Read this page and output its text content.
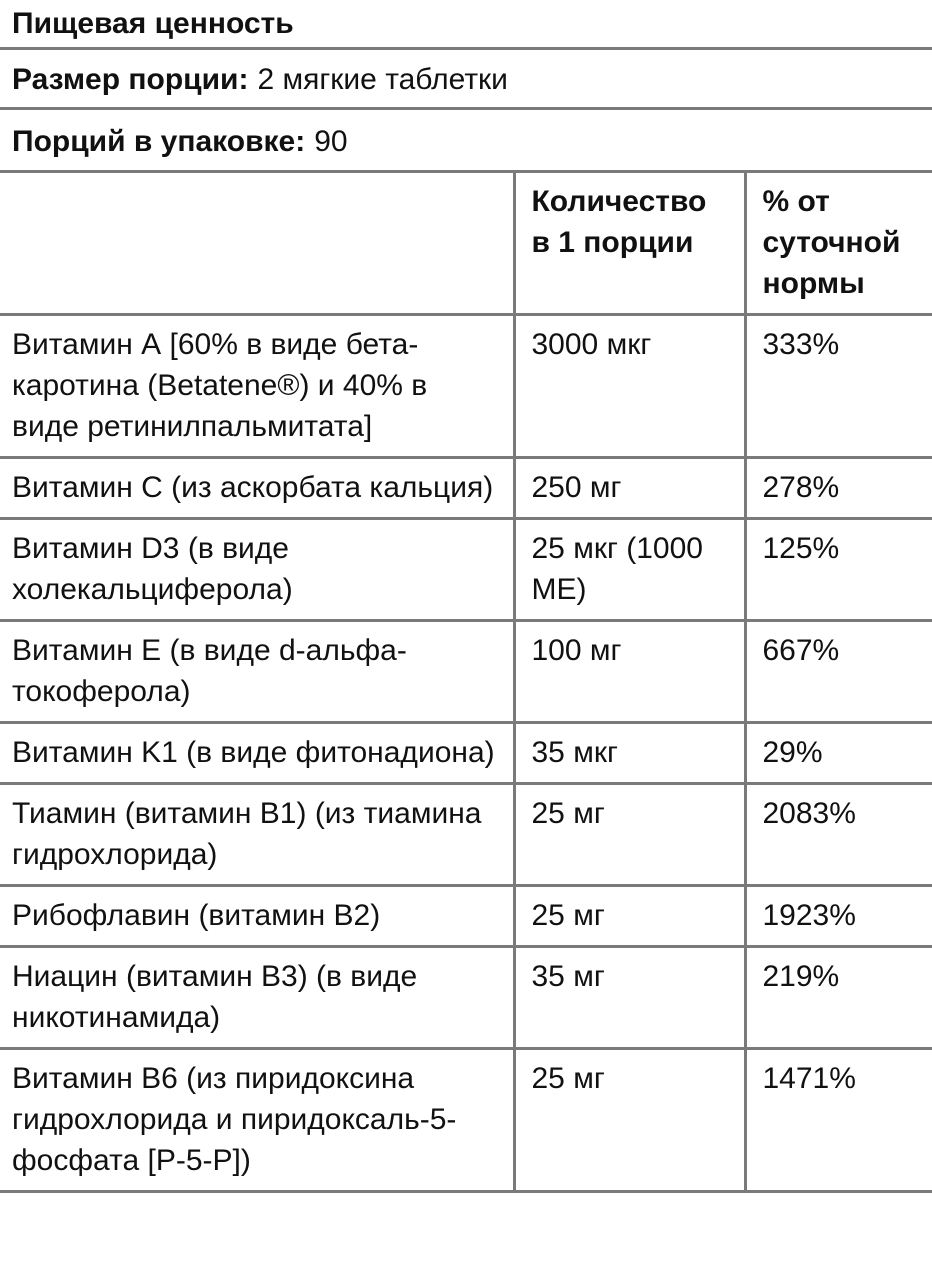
Пищевая ценность
Размер порции: 2 мягкие таблетки
Порций в упаковке: 90
	Количество в 1 порции	% от суточной нормы
Витамин А [60% в виде бета-каротина (Betatene®) и 40% в виде ретинилпальмитата]	3000 мкг	333%
Витамин C (из аскорбата кальция)	250 мг	278%
Витамин D3 (в виде холекальциферола)	25 мкг (1000 МЕ)	125%
Витамин E (в виде d-альфа-токоферола)	100 мг	667%
Витамин K1 (в виде фитонадиона)	35 мкг	29%
Тиамин (витамин B1) (из тиамина гидрохлорида)	25 мг	2083%
Рибофлавин (витамин B2)	25 мг	1923%
Ниацин (витамин B3) (в виде никотинамида)	35 мг	219%
Витамин B6 (из пиридоксина гидрохлорида и пиридоксаль-5-фосфата [P-5-P])	25 мг	1471%
